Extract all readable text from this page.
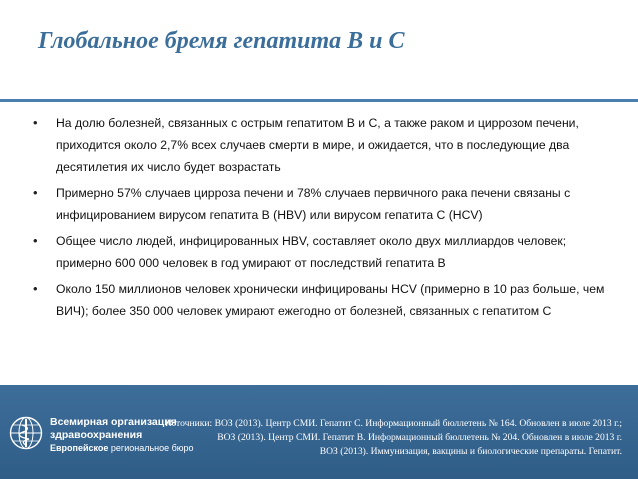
Глобальное бремя гепатита B и C
• На долю болезней, связанных с острым гепатитом В и С, а также раком и циррозом печени, приходится около 2,7% всех случаев смерти в мире, и ожидается, что в последующие два десятилетия их число будет возрастать
• Примерно 57% случаев цирроза печени и 78% случаев первичного рака печени связаны с инфицированием вирусом гепатита В (HBV) или вирусом гепатита С (HCV)
• Общее число людей, инфицированных HBV, составляет около двух миллиардов человек; примерно 600 000 человек в год умирают от последствий гепатита В
• Около 150 миллионов человек хронически инфицированы HCV (примерно в 10 раз больше, чем ВИЧ); более 350 000 человек умирают ежегодно от болезней, связанных с гепатитом С
Всемирная организация
здравоохранения
Европейское региональное бюро
Источники: ВОЗ (2013). Центр СМИ. Гепатит С. Информационный бюллетень № 164. Обновлен в июле 2013 г.;
ВОЗ (2013). Центр СМИ. Гепатит В. Информационный бюллетень № 204. Обновлен в июле 2013 г.
ВОЗ (2013). Иммунизация, вакцины и биологические препараты. Гепатит.
